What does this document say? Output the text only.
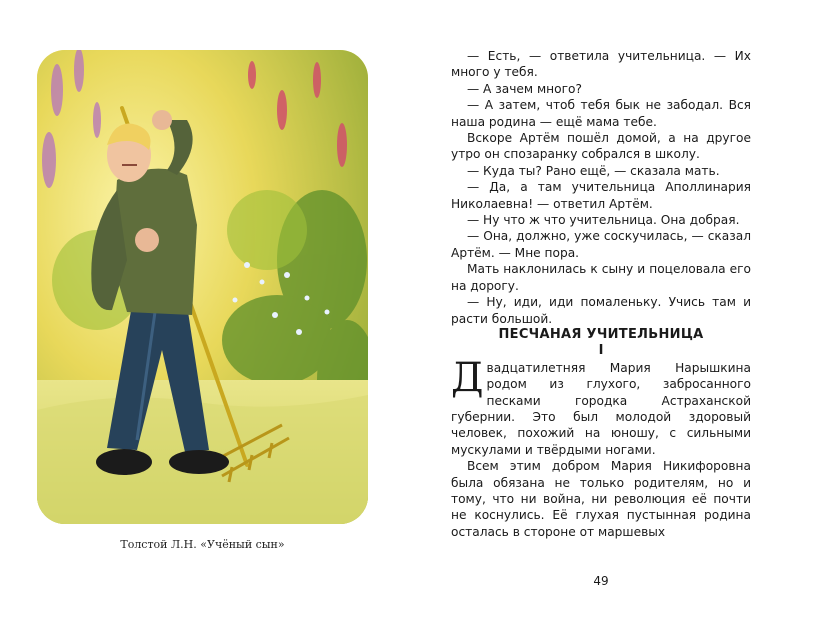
Толстой Л.Н. «Учёный сын»

— Есть, — ответила учительница. — Их много у тебя.

— А зачем много?

— А затем, чтоб тебя бык не забодал. Вся наша родина — ещё мама тебе.

Вскоре Артём пошёл домой, а на другое утро он спозаранку собрался в школу.

— Куда ты? Рано ещё, — сказала мать.

— Да, а там учительница Аполлинария Николаевна! — ответил Артём.

— Ну что ж что учительница. Она добрая.

— Она, должно, уже соскучилась, — сказал Артём. — Мне пора.

Мать наклонилась к сыну и поцеловала его на дорогу.

— Ну, иди, иди помаленьку. Учись там и расти большой.

ПЕСЧАНАЯ УЧИТЕЛЬНИЦА

I

Двадцатилетняя Мария Нарышкина родом из глухого, забросанного песками городка Астраханской губернии. Это был молодой здоровый человек, похожий на юношу, с сильными мускулами и твёрдыми ногами.

Всем этим добром Мария Никифоровна была обязана не только родителям, но и тому, что ни война, ни революция её почти не коснулись. Её глухая пустынная родина осталась в стороне от маршевых

49
